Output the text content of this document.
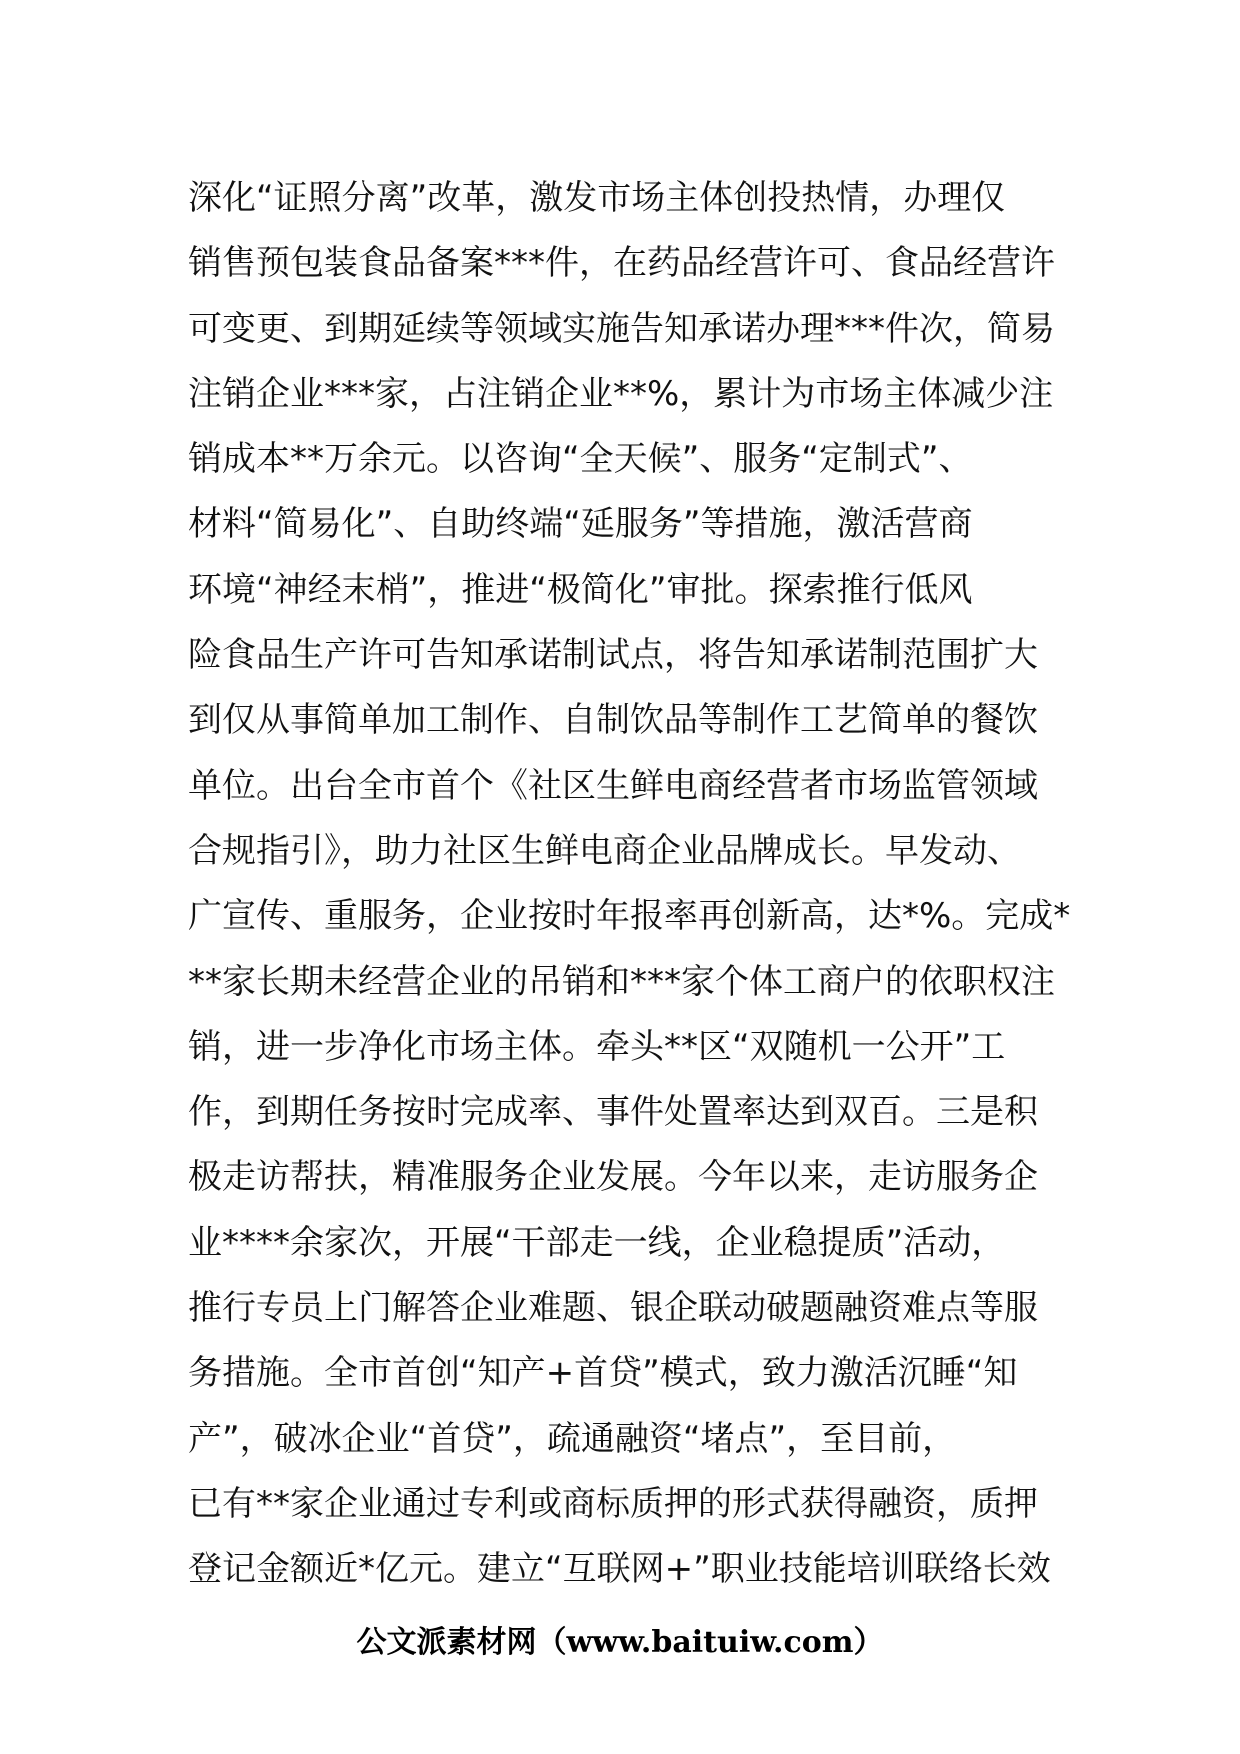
深化“证照分离”改革，激发市场主体创投热情，办理仅
销售预包装食品备案***件，在药品经营许可、食品经营许
可变更、到期延续等领域实施告知承诺办理***件次，简易
注销企业***家，占注销企业**%，累计为市场主体减少注
销成本**万余元。以咨询“全天候”、服务“定制式”、
材料“简易化”、自助终端“延服务”等措施，激活营商
环境“神经末梢”，推进“极简化”审批。探索推行低风
险食品生产许可告知承诺制试点，将告知承诺制范围扩大
到仅从事简单加工制作、自制饮品等制作工艺简单的餐饮
单位。出台全市首个《社区生鲜电商经营者市场监管领域
合规指引》，助力社区生鲜电商企业品牌成长。早发动、
广宣传、重服务，企业按时年报率再创新高，达*%。完成*
**家长期未经营企业的吊销和***家个体工商户的依职权注
销，进一步净化市场主体。牵头**区“双随机一公开”工
作，到期任务按时完成率、事件处置率达到双百。三是积
极走访帮扶，精准服务企业发展。今年以来，走访服务企
业****余家次，开展“干部走一线，企业稳提质”活动，
推行专员上门解答企业难题、银企联动破题融资难点等服
务措施。全市首创“知产+首贷”模式，致力激活沉睡“知
产”，破冰企业“首贷”，疏通融资“堵点”，至目前，
已有**家企业通过专利或商标质押的形式获得融资，质押
登记金额近*亿元。建立“互联网+”职业技能培训联络长效
公文派素材网（www.baituiw.com）
